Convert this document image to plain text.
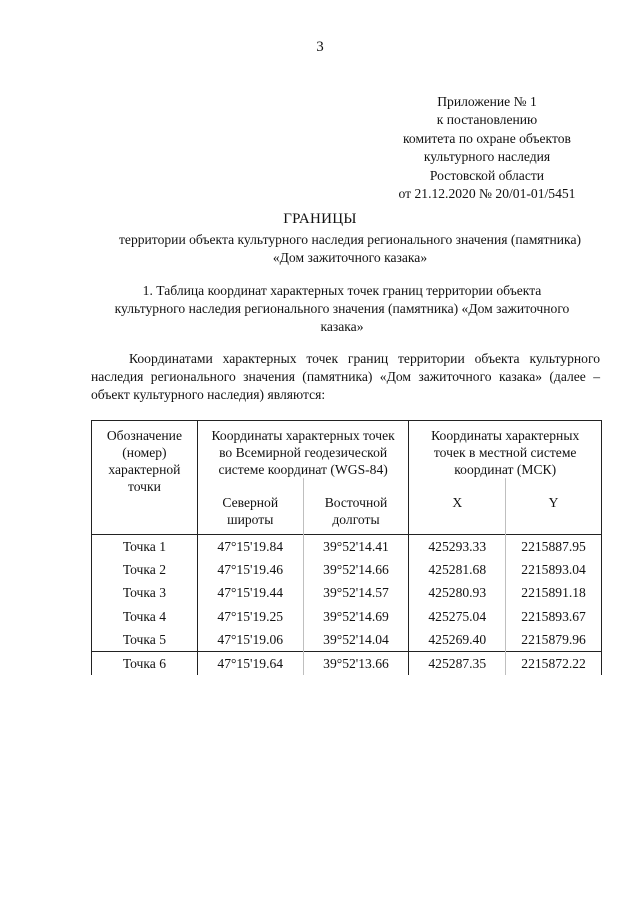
3
Приложение № 1
к постановлению
комитета по охране объектов
культурного наследия
Ростовской области
от 21.12.2020 № 20/01-01/5451
ГРАНИЦЫ
территории объекта культурного наследия регионального значения (памятника)
«Дом зажиточного казака»
1. Таблица координат характерных точек границ территории объекта
культурного наследия регионального значения (памятника) «Дом зажиточного
казака»
Координатами характерных точек границ территории объекта культурного наследия регионального значения (памятника) «Дом зажиточного казака» (далее – объект культурного наследия) являются:
Обозначение (номер) характерной точки	Координаты характерных точек во Всемирной геодезической системе координат (WGS-84)		Координаты характерных точек в местной системе координат (МСК)	
	Северной широты	Восточной долготы	X	Y
Точка 1	47°15'19.84	39°52'14.41	425293.33	2215887.95
Точка 2	47°15'19.46	39°52'14.66	425281.68	2215893.04
Точка 3	47°15'19.44	39°52'14.57	425280.93	2215891.18
Точка 4	47°15'19.25	39°52'14.69	425275.04	2215893.67
Точка 5	47°15'19.06	39°52'14.04	425269.40	2215879.96
Точка 6	47°15'19.64	39°52'13.66	425287.35	2215872.22
